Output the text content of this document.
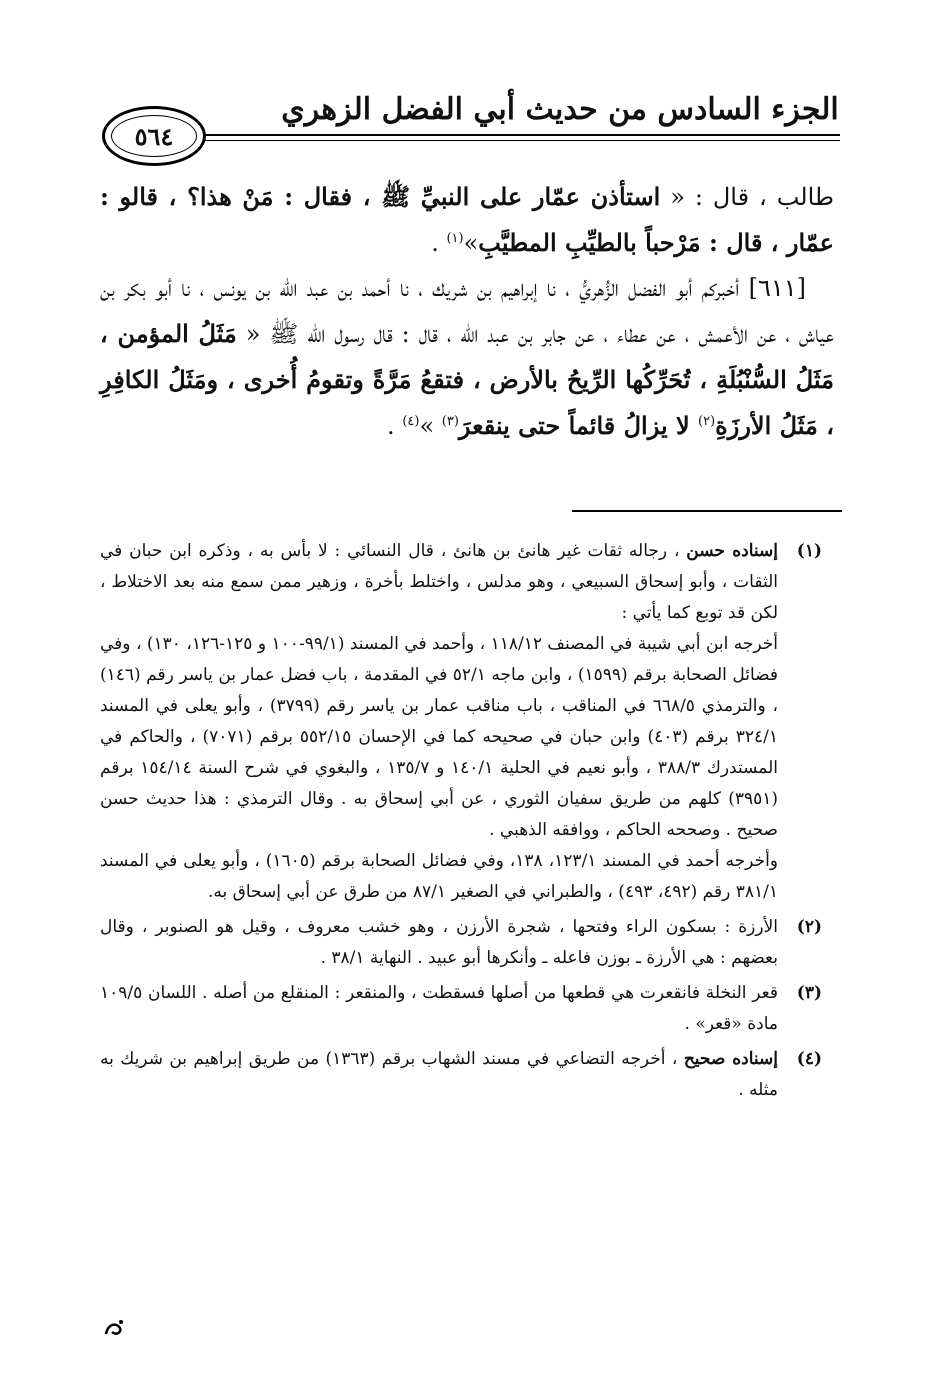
الجزء السادس من حديث أبي الفضل الزهري
٥٦٤

طالب ، قال : « استأذن عمّار على النبيِّ ﷺ ، فقال : مَنْ هذا؟ ، قالو : عمّار ، قال : مَرْحباً بالطيِّبِ المطيَّبِ»$^{(١)}$ .

[٦١١] أخبركم أبو الفضل الزُّهريُّ ، نا إبراهيم بن شريك ، نا أحمد بن عبد الله بن يونس ، نا أبو بكر بن عياش ، عن الأعمش ، عن عطاء ، عن جابر بن عبد الله ، قال : قال رسول الله ﷺ « مَثَلُ المؤمن ، مَثَلُ السُّنْبُلَةِ ، تُحَرِّكُها الرِّيحُ بالأرض ، فتقعُ مَرَّةً وتقومُ أُخرى ، ومَثَلُ الكافِرِ ، مَثَلُ الأرزَةِ$^{(٢)}$ لا يزالُ قائماً حتى ينقعرَ$^{(٣)}$ »$^{(٤)}$ .

(١)

إسناده حسن ، رجاله ثقات غير هانئ بن هانئ ، قال النسائي : لا بأس به ، وذكره ابن حبان في الثقات ، وأبو إسحاق السبيعي ، وهو مدلس ، واختلط بأخرة ، وزهير ممن سمع منه بعد الاختلاط ، لكن قد توبع كما يأتي :

أخرجه ابن أبي شيبة في المصنف ١١٨/١٢ ، وأحمد في المسند (٩٩/١-١٠٠ و ١٢٥-١٢٦، ١٣٠) ، وفي فضائل الصحابة برقم (١٥٩٩) ، وابن ماجه ٥٢/١ في المقدمة ، باب فضل عمار بن ياسر رقم (١٤٦) ، والترمذي ٦٦٨/٥ في المناقب ، باب مناقب عمار بن ياسر رقم (٣٧٩٩) ، وأبو يعلى في المسند ٣٢٤/١ برقم (٤٠٣) وابن حبان في صحيحه كما في الإحسان ٥٥٢/١٥ برقم (٧٠٧١) ، والحاكم في المستدرك ٣٨٨/٣ ، وأبو نعيم في الحلية ١٤٠/١ و ١٣٥/٧ ، والبغوي في شرح السنة ١٥٤/١٤ برقم (٣٩٥١) كلهم من طريق سفيان الثوري ، عن أبي إسحاق به . وقال الترمذي : هذا حديث حسن صحيح . وصححه الحاكم ، ووافقه الذهبي .

وأخرجه أحمد في المسند ١٢٣/١، ١٣٨، وفي فضائل الصحابة برقم (١٦٠٥) ، وأبو يعلى في المسند ٣٨١/١ رقم (٤٩٢، ٤٩٣) ، والطبراني في الصغير ٨٧/١ من طرق عن أبي إسحاق به.

(٢)

الأرزة : بسكون الراء وفتحها ، شجرة الأرزن ، وهو خشب معروف ، وقيل هو الصنوبر ، وقال بعضهم : هي الأرزة ـ بوزن فاعله ـ وأنكرها أبو عبيد . النهاية ٣٨/١ .

(٣)

قعر النخلة فانقعرت هي قطعها من أصلها فسقطت ، والمنقعر : المنقلع من أصله . اللسان ١٠٩/٥ مادة «قعر» .

(٤)

إسناده صحيح ، أخرجه التضاعي في مسند الشهاب برقم (١٣٦٣) من طريق إبراهيم بن شريك به مثله .
